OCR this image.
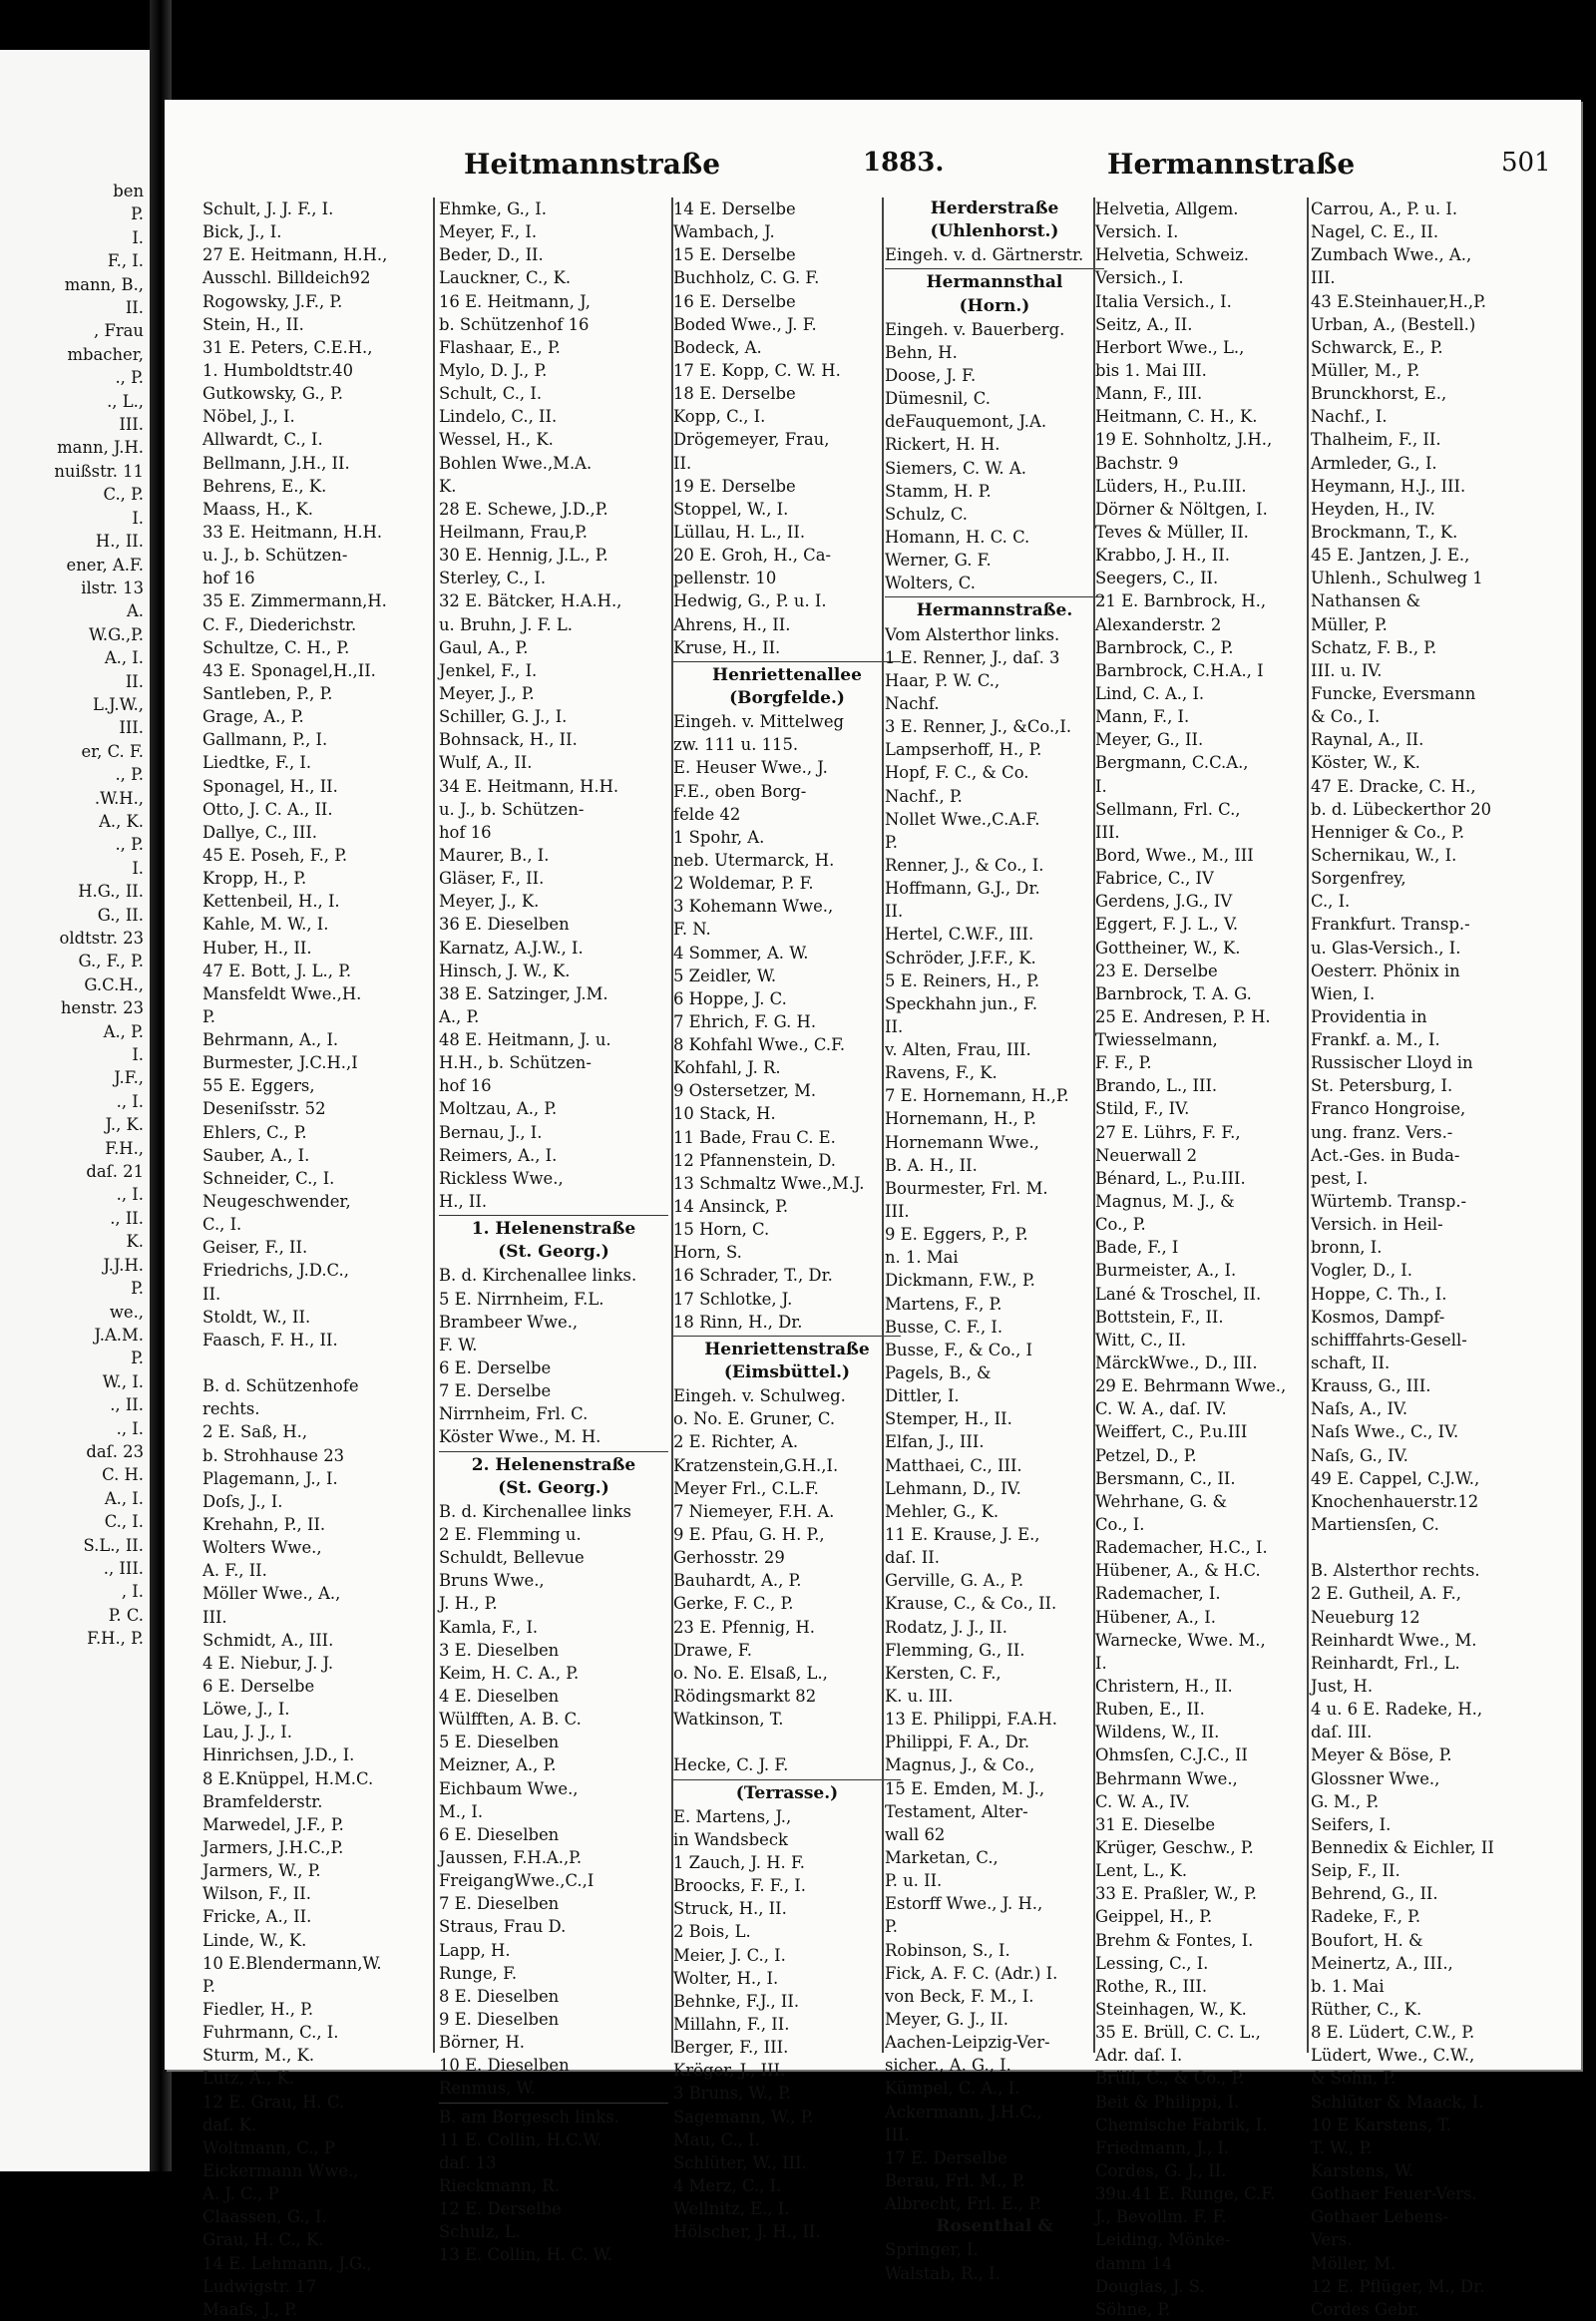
ben
P.
I.
F., I.
mann, B.,
II.
, Frau
mbacher,
., P.
., L.,
III.
mann, J.H.
nuißstr. 11
C., P.
I.
H., II.
ener, A.F.
ilstr. 13
A.
W.G.,P.
A., I.
II.
L.J.W.,
III.
er, C. F.
., P.
.W.H.,
A., K.
., P.
I.
H.G., II.
G., II.
oldtstr. 23
G., F., P.
G.C.H.,
henstr. 23
A., P.
I.
J.F.,
., I.
J., K.
F.H.,
daſ. 21
., I.
., II.
K.
J.J.H.
P.
we.,
J.A.M.
P.
W., I.
., II.
., I.
daſ. 23
C. H.
A., I.
C., I.
S.L., II.
., III.
, I.
P. C.
F.H., P.
Heitmannstraße	1883.	Hermannstraße	501
Schult, J. J. F., I.
Bick, J., I.
27 E. Heitmann, H.H.,
Ausschl. Billdeich92
Rogowsky, J.F., P.
Stein, H., II.
31 E. Peters, C.E.H.,
1. Humboldtstr.40
Gutkowsky, G., P.
Nöbel, J., I.
Allwardt, C., I.
Bellmann, J.H., II.
Behrens, E., K.
Maass, H., K.
33 E. Heitmann, H.H.
u. J., b. Schützen-
hof 16
35 E. Zimmermann,H.
C. F., Diederichstr.
Schultze, C. H., P.
43 E. Sponagel,H.,II.
Santleben, P., P.
Grage, A., P.
Gallmann, P., I.
Liedtke, F., I.
Sponagel, H., II.
Otto, J. C. A., II.
Dallye, C., III.
45 E. Poseh, F., P.
Kropp, H., P.
Kettenbeil, H., I.
Kahle, M. W., I.
Huber, H., II.
47 E. Bott, J. L., P.
Mansfeldt Wwe.,H.
P.
Behrmann, A., I.
Burmester, J.C.H.,I
55 E. Eggers,
Deseniſsstr. 52
Ehlers, C., P.
Sauber, A., I.
Schneider, C., I.
Neugeschwender,
C., I.
Geiser, F., II.
Friedrichs, J.D.C.,
II.
Stoldt, W., II.
Faasch, F. H., II.
B. d. Schützenhofe
rechts.
2 E. Saß, H.,
b. Strohhause 23
Plagemann, J., I.
Doſs, J., I.
Krehahn, P., II.
Wolters Wwe.,
A. F., II.
Möller Wwe., A.,
III.
Schmidt, A., III.
4 E. Niebur, J. J.
6 E. Derselbe
Löwe, J., I.
Lau, J. J., I.
Hinrichsen, J.D., I.
8 E.Knüppel, H.M.C.
Bramfelderstr.
Marwedel, J.F., P.
Jarmers, J.H.C.,P.
Jarmers, W., P.
Wilson, F., II.
Fricke, A., II.
Linde, W., K.
10 E.Blendermann,W.
P.
Fiedler, H., P.
Fuhrmann, C., I.
Sturm, M., K.
Lutz, A., K.
12 E. Grau, H. C.
daſ. K.
Woltmann, C., P
Eickermann Wwe.,
A. J. C., P
Claassen, G., I.
Grau, H. C., K.
14 E. Lehmann, J.G.,
Ludwigstr. 17
Maaſs, J., P.
Ehmke, G., I.
Meyer, F., I.
Beder, D., II.
Lauckner, C., K.
16 E. Heitmann, J,
b. Schützenhof 16
Flashaar, E., P.
Mylo, D. J., P.
Schult, C., I.
Lindelo, C., II.
Wessel, H., K.
Bohlen Wwe.,M.A.
K.
28 E. Schewe, J.D.,P.
Heilmann, Frau,P.
30 E. Hennig, J.L., P.
Sterley, C., I.
32 E. Bätcker, H.A.H.,
u. Bruhn, J. F. L.
Gaul, A., P.
Jenkel, F., I.
Meyer, J., P.
Schiller, G. J., I.
Bohnsack, H., II.
Wulf, A., II.
34 E. Heitmann, H.H.
u. J., b. Schützen-
hof 16
Maurer, B., I.
Gläser, F., II.
Meyer, J., K.
36 E. Dieselben
Karnatz, A.J.W., I.
Hinsch, J. W., K.
38 E. Satzinger, J.M.
A., P.
48 E. Heitmann, J. u.
H.H., b. Schützen-
hof 16
Moltzau, A., P.
Bernau, J., I.
Reimers, A., I.
Rickless Wwe.,
H., II.
1. Helenenstraße
(St. Georg.)
B. d. Kirchenallee links.
5 E. Nirrnheim, F.L.
Brambeer Wwe.,
F. W.
6 E. Derselbe
7 E. Derselbe
Nirrnheim, Frl. C.
Köster Wwe., M. H.
2. Helenenstraße
(St. Georg.)
B. d. Kirchenallee links
2 E. Flemming u.
Schuldt, Bellevue
Bruns Wwe.,
J. H., P.
Kamla, F., I.
3 E. Dieselben
Keim, H. C. A., P.
4 E. Dieselben
Wülfften, A. B. C.
5 E. Dieselben
Meizner, A., P.
Eichbaum Wwe.,
M., I.
6 E. Dieselben
Jaussen, F.H.A.,P.
FreigangWwe.,C.,I
7 E. Dieselben
Straus, Frau D.
Lapp, H.
Runge, F.
8 E. Dieselben
9 E. Dieselben
Börner, H.
10 E. Dieselben
Renmus, W.
B. am Borgesch links.
11 E. Collin, H.C.W.
daſ. 13
Rieckmann, R.
12 E. Derselbe
Schulz, L.
13 E. Collin, H. C. W.
14 E. Derselbe
Wambach, J.
15 E. Derselbe
Buchholz, C. G. F.
16 E. Derselbe
Boded Wwe., J. F.
Bodeck, A.
17 E. Kopp, C. W. H.
18 E. Derselbe
Kopp, C., I.
Drögemeyer, Frau,
II.
19 E. Derselbe
Stoppel, W., I.
Lüllau, H. L., II.
20 E. Groh, H., Ca-
pellenstr. 10
Hedwig, G., P. u. I.
Ahrens, H., II.
Kruse, H., II.
Henriettenallee
(Borgfelde.)
Eingeh. v. Mittelweg
zw. 111 u. 115.
E. Heuser Wwe., J.
F.E., oben Borg-
felde 42
1 Spohr, A.
neb. Utermarck, H.
2 Woldemar, P. F.
3 Kohemann Wwe.,
F. N.
4 Sommer, A. W.
5 Zeidler, W.
6 Hoppe, J. C.
7 Ehrich, F. G. H.
8 Kohfahl Wwe., C.F.
Kohfahl, J. R.
9 Ostersetzer, M.
10 Stack, H.
11 Bade, Frau C. E.
12 Pfannenstein, D.
13 Schmaltz Wwe.,M.J.
14 Ansinck, P.
15 Horn, C.
Horn, S.
16 Schrader, T., Dr.
17 Schlotke, J.
18 Rinn, H., Dr.
Henriettenstraße
(Eimsbüttel.)
Eingeh. v. Schulweg.
o. No. E. Gruner, C.
2 E. Richter, A.
Kratzenstein,G.H.,I.
Meyer Frl., C.L.F.
7 Niemeyer, F.H. A.
9 E. Pfau, G. H. P.,
Gerhosstr. 29
Bauhardt, A., P.
Gerke, F. C., P.
23 E. Pfennig, H.
Drawe, F.
o. No. E. Elsaß, L.,
Rödingsmarkt 82
Watkinson, T.
Hecke, C. J. F.
(Terrasse.)
E. Martens, J.,
in Wandsbeck
1 Zauch, J. H. F.
Broocks, F. F., I.
Struck, H., II.
2 Bois, L.
Meier, J. C., I.
Wolter, H., I.
Behnke, F.J., II.
Millahn, F., II.
Berger, F., III.
Kröger, J., III.
3 Bruns, W., P.
Sagemann, W., P.
Mau, C., I.
Schlüter, W., III.
4 Merz, C., I.
Wellnitz, E., I.
Hölscher, J. H., II.
Herderstraße
(Uhlenhorst.)
Eingeh. v. d. Gärtnerstr.
Hermannsthal
(Horn.)
Eingeh. v. Bauerberg.
Behn, H.
Doose, J. F.
Dümesnil, C.
deFauquemont, J.A.
Rickert, H. H.
Siemers, C. W. A.
Stamm, H. P.
Schulz, C.
Homann, H. C. C.
Werner, G. F.
Wolters, C.
Hermannstraße.
Vom Alsterthor links.
1 E. Renner, J., daſ. 3
Haar, P. W. C.,
Nachf.
3 E. Renner, J., &Co.,I.
Lampserhoff, H., P.
Hopf, F. C., & Co.
Nachf., P.
Nollet Wwe.,C.A.F.
P.
Renner, J., & Co., I.
Hoffmann, G.J., Dr.
II.
Hertel, C.W.F., III.
Schröder, J.F.F., K.
5 E. Reiners, H., P.
Speckhahn jun., F.
II.
v. Alten, Frau, III.
Ravens, F., K.
7 E. Hornemann, H.,P.
Hornemann, H., P.
Hornemann Wwe.,
B. A. H., II.
Bourmester, Frl. M.
III.
9 E. Eggers, P., P.
n. 1. Mai
Dickmann, F.W., P.
Martens, F., P.
Busse, C. F., I.
Busse, F., & Co., I
Pagels, B., &
Dittler, I.
Stemper, H., II.
Elfan, J., III.
Matthaei, C., III.
Lehmann, D., IV.
Mehler, G., K.
11 E. Krause, J. E.,
daſ. II.
Gerville, G. A., P.
Krause, C., & Co., II.
Rodatz, J. J., II.
Flemming, G., II.
Kersten, C. F.,
K. u. III.
13 E. Philippi, F.A.H.
Philippi, F. A., Dr.
Magnus, J., & Co.,
15 E. Emden, M. J.,
Testament, Alter-
wall 62
Marketan, C.,
P. u. II.
Estorff Wwe., J. H.,
P.
Robinson, S., I.
Fick, A. F. C. (Adr.) I.
von Beck, F. M., I.
Meyer, G. J., II.
Aachen-Leipzig-Ver-
sicher., A. G., I.
Kümpel, C. A., I.
Ackermann, J.H.C.,
III.
17 E. Derselbe
Berau, Frl. M., P.
Albrecht, Frl. E., P.
Rosenthal &
Springer, I.
Walstab, R., I.
Helvetia, Allgem.
Versich. I.
Helvetia, Schweiz.
Versich., I.
Italia Versich., I.
Seitz, A., II.
Herbort Wwe., L.,
bis 1. Mai III.
Mann, F., III.
Heitmann, C. H., K.
19 E. Sohnholtz, J.H.,
Bachstr. 9
Lüders, H., P.u.III.
Dörner & Nöltgen, I.
Teves & Müller, II.
Krabbo, J. H., II.
Seegers, C., II.
21 E. Barnbrock, H.,
Alexanderstr. 2
Barnbrock, C., P.
Barnbrock, C.H.A., I
Lind, C. A., I.
Mann, F., I.
Meyer, G., II.
Bergmann, C.C.A.,
I.
Sellmann, Frl. C.,
III.
Bord, Wwe., M., III
Fabrice, C., IV
Gerdens, J.G., IV
Eggert, F. J. L., V.
Gottheiner, W., K.
23 E. Derselbe
Barnbrock, T. A. G.
25 E. Andresen, P. H.
Twiesselmann,
F. F., P.
Brando, L., III.
Stild, F., IV.
27 E. Lührs, F. F.,
Neuerwall 2
Bénard, L., P.u.III.
Magnus, M. J., &
Co., P.
Bade, F., I
Burmeister, A., I.
Lané & Troschel, II.
Bottstein, F., II.
Witt, C., II.
MärckWwe., D., III.
29 E. Behrmann Wwe.,
C. W. A., daſ. IV.
Weiffert, C., P.u.III
Petzel, D., P.
Bersmann, C., II.
Wehrhane, G. &
Co., I.
Rademacher, H.C., I.
Hübener, A., & H.C.
Rademacher, I.
Hübener, A., I.
Warnecke, Wwe. M.,
I.
Christern, H., II.
Ruben, E., II.
Wildens, W., II.
Ohmsſen, C.J.C., II
Behrmann Wwe.,
C. W. A., IV.
31 E. Dieselbe
Krüger, Geschw., P.
Lent, L., K.
33 E. Praßler, W., P.
Geippel, H., P.
Brehm & Fontes, I.
Lessing, C., I.
Rothe, R., III.
Steinhagen, W., K.
35 E. Brüll, C. C. L.,
Adr. daſ. I.
Brüll, C., & Co., P.
Beit & Philippi, I.
Chemische Fabrik, I.
Friedmann, J., I.
Cordes, G. J., II.
39u.41 E. Runge, C.F.
J., Bevollm. F. F.
Leiding, Mönke-
damm 14
Douglas, J. S.
Söhne, P.
Carrou, A., P. u. I.
Nagel, C. E., II.
Zumbach Wwe., A.,
III.
43 E.Steinhauer,H.,P.
Urban, A., (Bestell.)
Schwarck, E., P.
Müller, M., P.
Brunckhorst, E.,
Nachf., I.
Thalheim, F., II.
Armleder, G., I.
Heymann, H.J., III.
Heyden, H., IV.
Brockmann, T., K.
45 E. Jantzen, J. E.,
Uhlenh., Schulweg 1
Nathansen &
Müller, P.
Schatz, F. B., P.
III. u. IV.
Funcke, Eversmann
& Co., I.
Raynal, A., II.
Köster, W., K.
47 E. Dracke, C. H.,
b. d. Lübeckerthor 20
Henniger & Co., P.
Schernikau, W., I.
Sorgenfrey,
C., I.
Frankfurt. Transp.-
u. Glas-Versich., I.
Oesterr. Phönix in
Wien, I.
Providentia in
Frankf. a. M., I.
Russischer Lloyd in
St. Petersburg, I.
Franco Hongroise,
ung. franz. Vers.-
Act.-Ges. in Buda-
pest, I.
Würtemb. Transp.-
Versich. in Heil-
bronn, I.
Vogler, D., I.
Hoppe, C. Th., I.
Kosmos, Dampf-
schifffahrts-Gesell-
schaft, II.
Krauss, G., III.
Naſs, A., IV.
Naſs Wwe., C., IV.
Naſs, G., IV.
49 E. Cappel, C.J.W.,
Knochenhauerstr.12
Martiensſen, C.
B. Alsterthor rechts.
2 E. Gutheil, A. F.,
Neueburg 12
Reinhardt Wwe., M.
Reinhardt, Frl., L.
Just, H.
4 u. 6 E. Radeke, H.,
daſ. III.
Meyer & Böse, P.
Glossner Wwe.,
G. M., P.
Seifers, I.
Bennedix & Eichler, II
Seip, F., II.
Behrend, G., II.
Radeke, F., P.
Boufort, H. &
Meinertz, A., III.,
b. 1. Mai
Rüther, C., K.
8 E. Lüdert, C.W., P.
Lüdert, Wwe., C.W.,
& Sohn, P.
Schlüter & Maack, I.
10 E Karstens, T.
T. W., P.
Karstens, W.
Gothaer Feuer-Vers.
Gothaer Lebens-
Vers.
Möller, M.
12 E. Pflüger, M., Dr.
Cordes Gebr.
